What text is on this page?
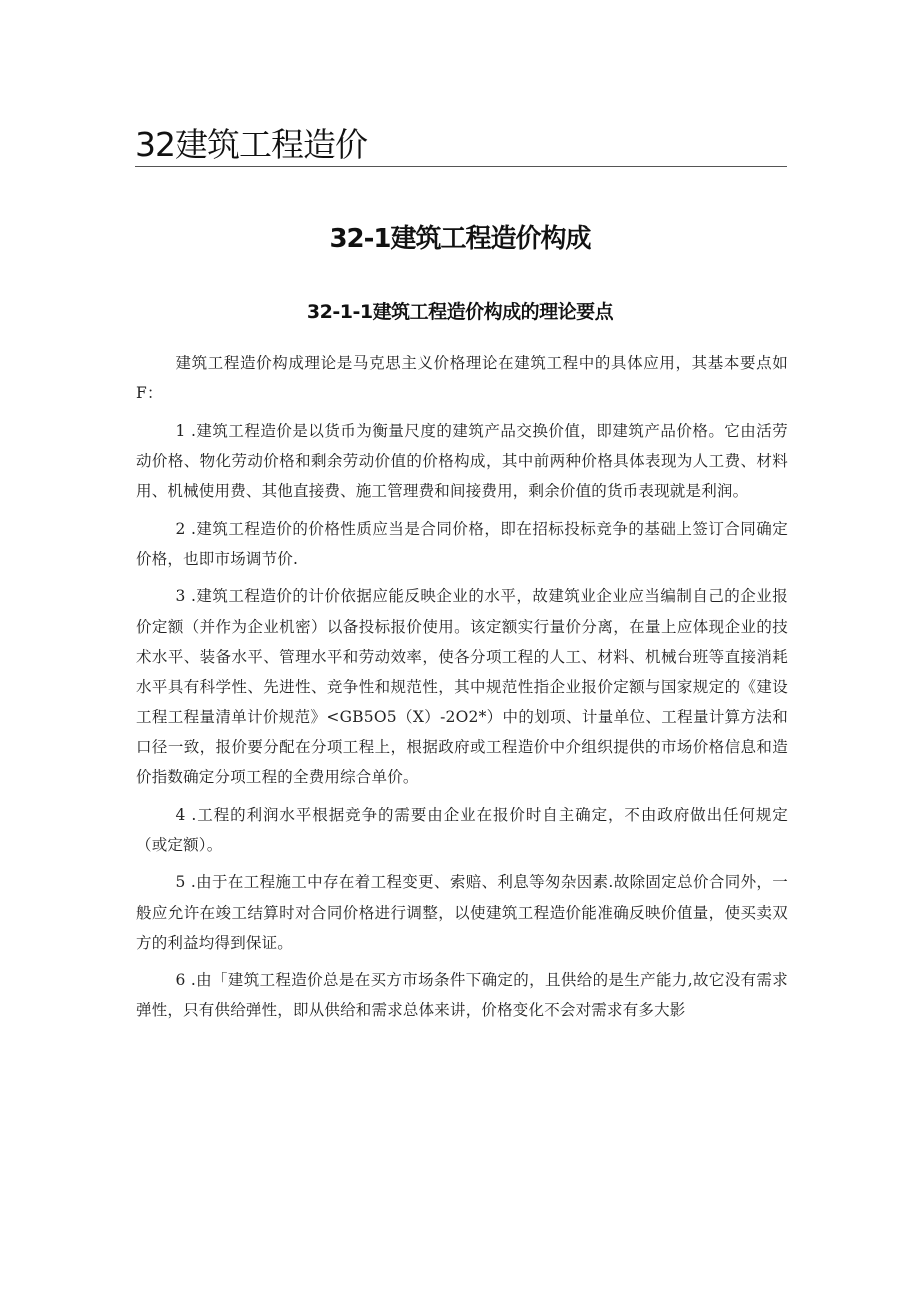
32建筑工程造价
32-1建筑工程造价构成
32-1-1建筑工程造价构成的理论要点

建筑工程造价构成理论是马克思主义价格理论在建筑工程中的具体应用，其基本要点如F：

1 .建筑工程造价是以货币为衡量尺度的建筑产品交换价值，即建筑产品价格。它由活劳动价格、物化劳动价格和剩余劳动价值的价格构成，其中前两种价格具体表现为人工费、材料用、机械使用费、其他直接费、施工管理费和间接费用，剩余价值的货币表现就是利润。

2 .建筑工程造价的价格性质应当是合同价格，即在招标投标竞争的基础上签订合同确定价格，也即市场调节价.

3 .建筑工程造价的计价依据应能反映企业的水平，故建筑业企业应当编制自己的企业报价定额（并作为企业机密）以备投标报价使用。该定额实行量价分离，在量上应体现企业的技术水平、装备水平、管理水平和劳动效率，使各分项工程的人工、材料、机械台班等直接消耗水平具有科学性、先进性、竞争性和规范性，其中规范性指企业报价定额与国家规定的《建设工程工程量清单计价规范》<GB5O5（X）-2O2*）中的划项、计量单位、工程量计算方法和口径一致，报价要分配在分项工程上，根据政府或工程造价中介组织提供的市场价格信息和造价指数确定分项工程的全费用综合单价。

4 .工程的利润水平根据竞争的需要由企业在报价时自主确定，不由政府做出任何规定（或定额）。

5 .由于在工程施工中存在着工程变更、索赔、利息等匆杂因素.故除固定总价合同外，一般应允许在竣工结算时对合同价格进行调整，以使建筑工程造价能准确反映价值量，使买卖双方的利益均得到保证。

6 .由「建筑工程造价总是在买方市场条件下确定的，且供给的是生产能力,故它没有需求弹性，只有供给弹性，即从供给和需求总体来讲，价格变化不会对需求有多大影
